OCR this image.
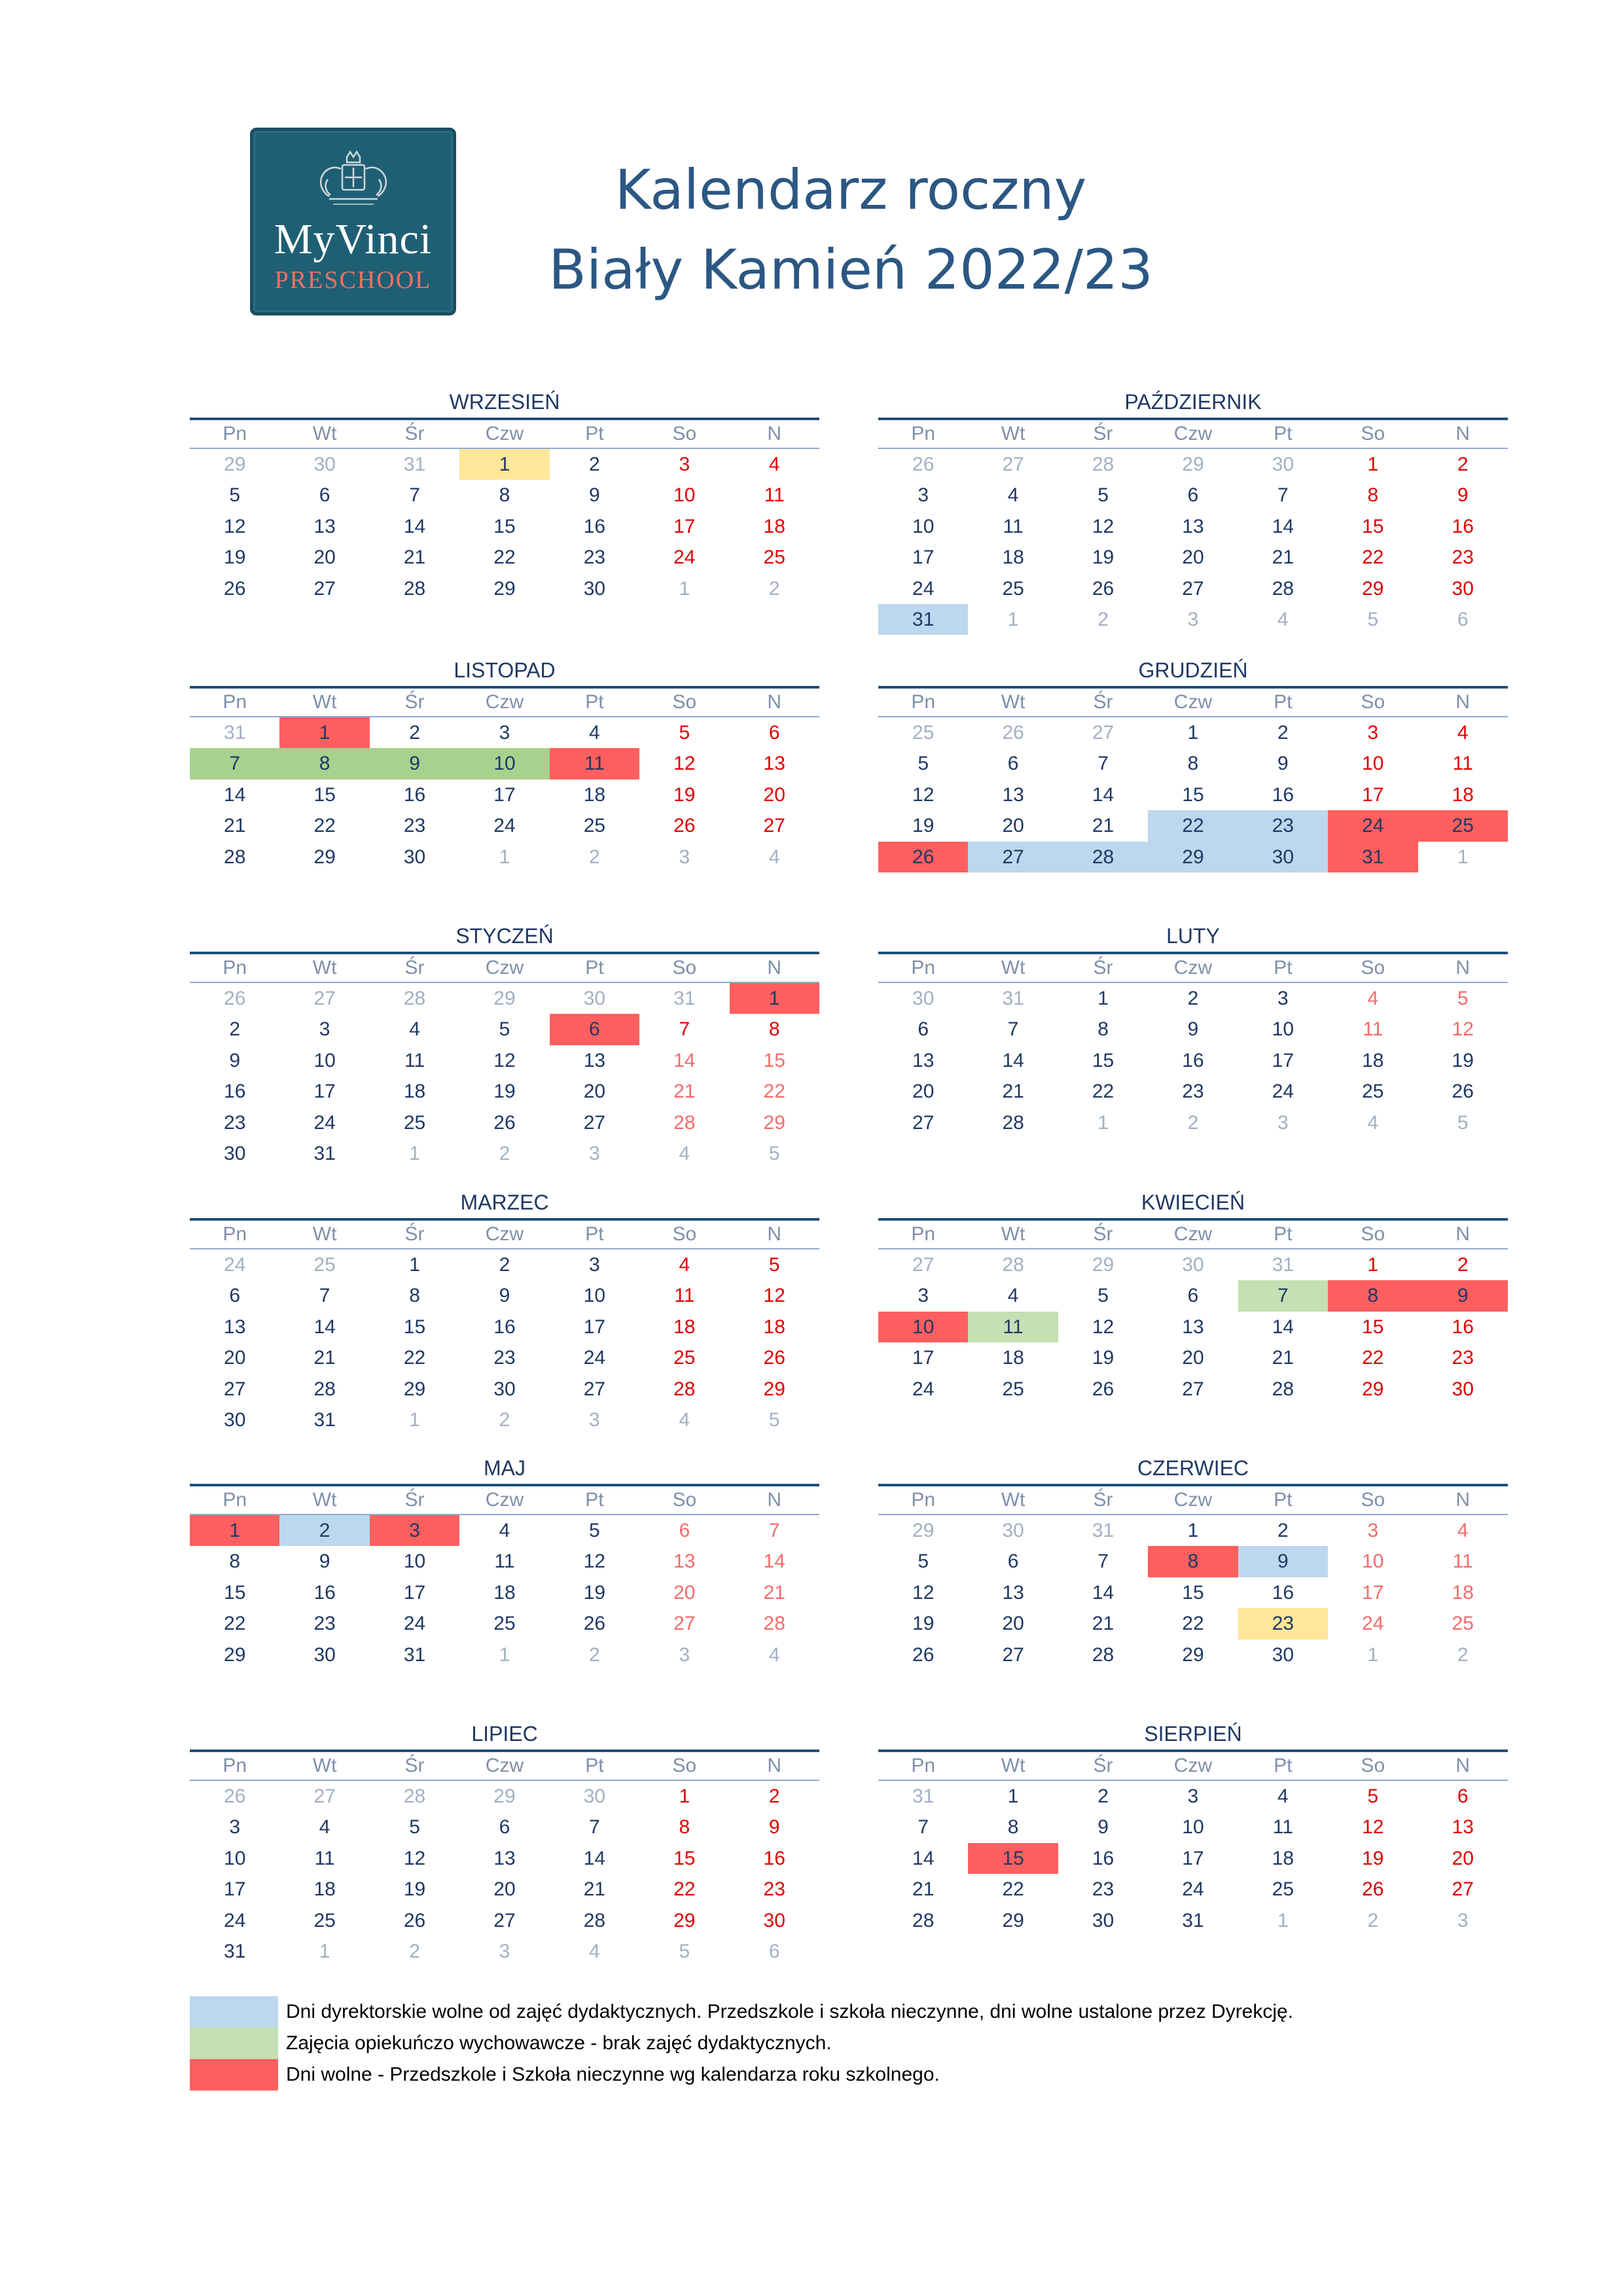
MyVinci
PRESCHOOL
Kalendarz roczny
Biały Kamień 2022/23
WRZESIEŃ
Pn	Wt	Śr	Czw	Pt	So	N
29	30	31	1	2	3	4
5	6	7	8	9	10	11
12	13	14	15	16	17	18
19	20	21	22	23	24	25
26	27	28	29	30	1	2
PAŹDZIERNIK
Pn	Wt	Śr	Czw	Pt	So	N
26	27	28	29	30	1	2
3	4	5	6	7	8	9
10	11	12	13	14	15	16
17	18	19	20	21	22	23
24	25	26	27	28	29	30
31	1	2	3	4	5	6
LISTOPAD
Pn	Wt	Śr	Czw	Pt	So	N
31	1	2	3	4	5	6
7	8	9	10	11	12	13
14	15	16	17	18	19	20
21	22	23	24	25	26	27
28	29	30	1	2	3	4
GRUDZIEŃ
Pn	Wt	Śr	Czw	Pt	So	N
25	26	27	1	2	3	4
5	6	7	8	9	10	11
12	13	14	15	16	17	18
19	20	21	22	23	24	25
26	27	28	29	30	31	1
STYCZEŃ
Pn	Wt	Śr	Czw	Pt	So	N
26	27	28	29	30	31	1
2	3	4	5	6	7	8
9	10	11	12	13	14	15
16	17	18	19	20	21	22
23	24	25	26	27	28	29
30	31	1	2	3	4	5
LUTY
Pn	Wt	Śr	Czw	Pt	So	N
30	31	1	2	3	4	5
6	7	8	9	10	11	12
13	14	15	16	17	18	19
20	21	22	23	24	25	26
27	28	1	2	3	4	5
MARZEC
Pn	Wt	Śr	Czw	Pt	So	N
24	25	1	2	3	4	5
6	7	8	9	10	11	12
13	14	15	16	17	18	18
20	21	22	23	24	25	26
27	28	29	30	27	28	29
30	31	1	2	3	4	5
KWIECIEŃ
Pn	Wt	Śr	Czw	Pt	So	N
27	28	29	30	31	1	2
3	4	5	6	7	8	9
10	11	12	13	14	15	16
17	18	19	20	21	22	23
24	25	26	27	28	29	30
MAJ
Pn	Wt	Śr	Czw	Pt	So	N
1	2	3	4	5	6	7
8	9	10	11	12	13	14
15	16	17	18	19	20	21
22	23	24	25	26	27	28
29	30	31	1	2	3	4
CZERWIEC
Pn	Wt	Śr	Czw	Pt	So	N
29	30	31	1	2	3	4
5	6	7	8	9	10	11
12	13	14	15	16	17	18
19	20	21	22	23	24	25
26	27	28	29	30	1	2
LIPIEC
Pn	Wt	Śr	Czw	Pt	So	N
26	27	28	29	30	1	2
3	4	5	6	7	8	9
10	11	12	13	14	15	16
17	18	19	20	21	22	23
24	25	26	27	28	29	30
31	1	2	3	4	5	6
SIERPIEŃ
Pn	Wt	Śr	Czw	Pt	So	N
31	1	2	3	4	5	6
7	8	9	10	11	12	13
14	15	16	17	18	19	20
21	22	23	24	25	26	27
28	29	30	31	1	2	3
Dni dyrektorskie wolne od zajęć dydaktycznych. Przedszkole i szkoła nieczynne, dni wolne ustalone przez Dyrekcję.
Zajęcia opiekuńczo wychowawcze - brak zajęć dydaktycznych.
Dni wolne - Przedszkole i Szkoła nieczynne wg kalendarza roku szkolnego.
